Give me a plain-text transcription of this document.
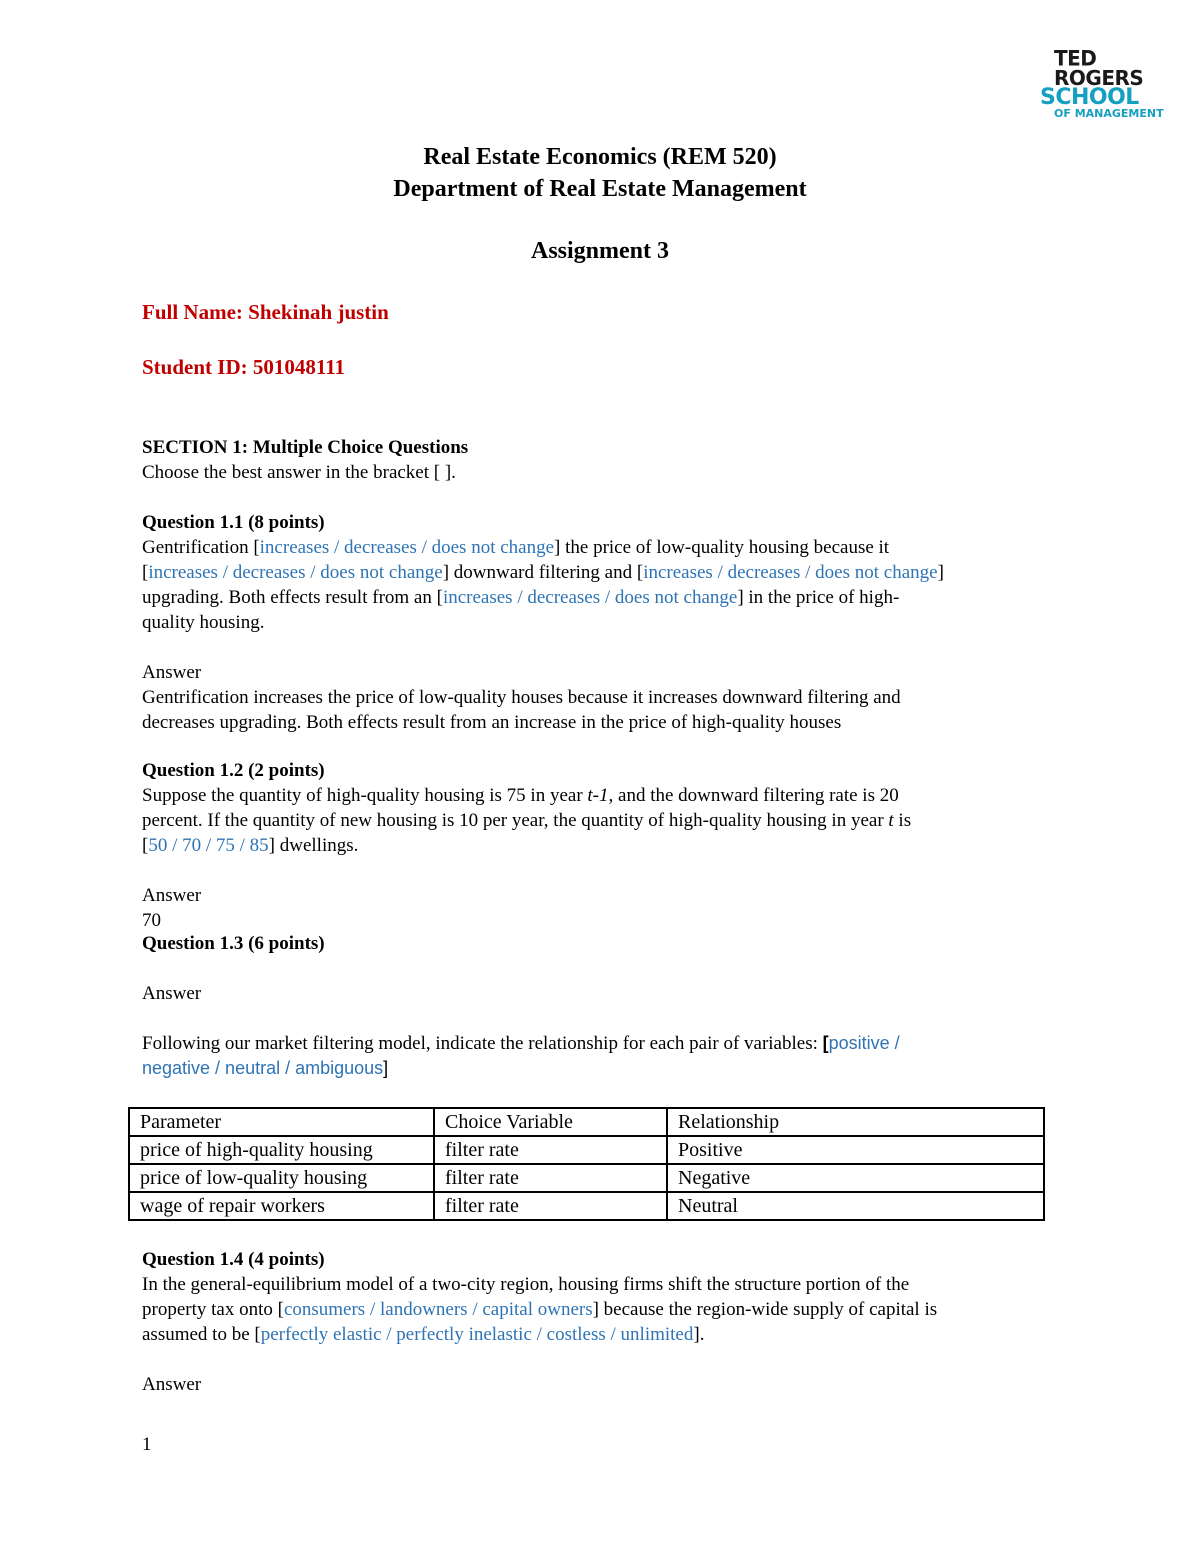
TED
ROGERS
SCHOOL
OF MANAGEMENT
Real Estate Economics (REM 520)
Department of Real Estate Management
Assignment 3
Full Name: Shekinah justin
Student ID: 501048111
SECTION 1: Multiple Choice Questions
Choose the best answer in the bracket [ ].
Question 1.1 (8 points)
Gentrification [increases / decreases / does not change] the price of low-quality housing because it
[increases / decreases / does not change] downward filtering and [increases / decreases / does not change]
upgrading. Both effects result from an [increases / decreases / does not change] in the price of high-
quality housing.
Answer
Gentrification increases the price of low-quality houses because it increases downward filtering and
decreases upgrading. Both effects result from an increase in the price of high-quality houses
Question 1.2 (2 points)
Suppose the quantity of high-quality housing is 75 in year t-1, and the downward filtering rate is 20
percent. If the quantity of new housing is 10 per year, the quantity of high-quality housing in year t is
[50 / 70 / 75 / 85] dwellings.
Answer
70
Question 1.3 (6 points)
Answer
Following our market filtering model, indicate the relationship for each pair of variables: [positive /
negative / neutral / ambiguous]
Parameter	Choice Variable	Relationship
price of high-quality housing	filter rate	Positive
price of low-quality housing	filter rate	Negative
wage of repair workers	filter rate	Neutral
Question 1.4 (4 points)
In the general-equilibrium model of a two-city region, housing firms shift the structure portion of the
property tax onto [consumers / landowners / capital owners] because the region-wide supply of capital is
assumed to be [perfectly elastic / perfectly inelastic / costless / unlimited].
Answer
1
